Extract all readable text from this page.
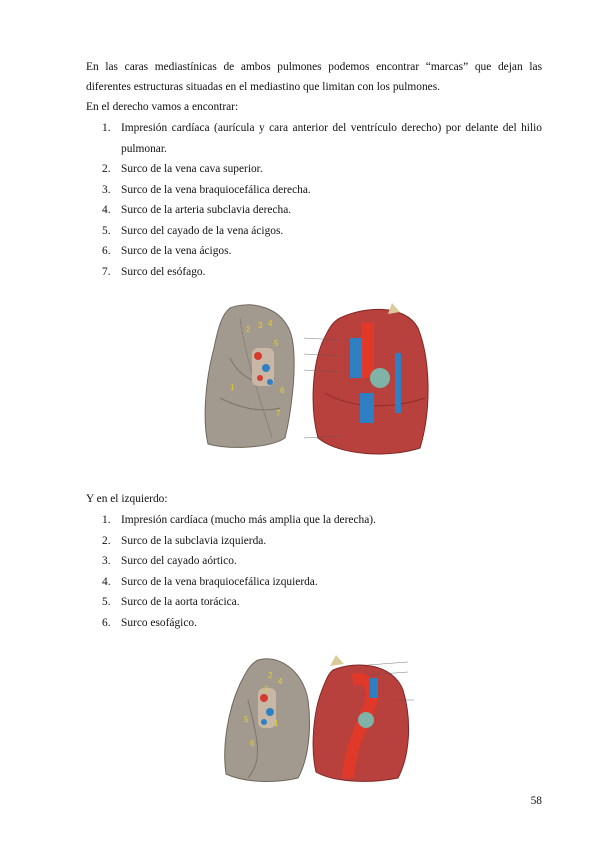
En las caras mediastínicas de ambos pulmones podemos encontrar “marcas” que dejan las diferentes estructuras situadas en el mediastino que limitan con los pulmones.

En el derecho vamos a encontrar:

1. Impresión cardíaca (aurícula y cara anterior del ventrículo derecho) por delante del hilio pulmonar.
2. Surco de la vena cava superior.
3. Surco de la vena braquiocefálica derecha.
4. Surco de la arteria subclavia derecha.
5. Surco del cayado de la vena ácigos.
6. Surco de la vena ácigos.
7. Surco del esófago.
1
2 3 4
5
6
7

Y en el izquierdo:

1. Impresión cardíaca (mucho más amplia que la derecha).
2. Surco de la subclavia izquierda.
3. Surco del cayado aórtico.
4. Surco de la vena braquiocefálica izquierda.
5. Surco de la aorta torácica.
6. Surco esofágico.
1
2
3
4
5
6
58
